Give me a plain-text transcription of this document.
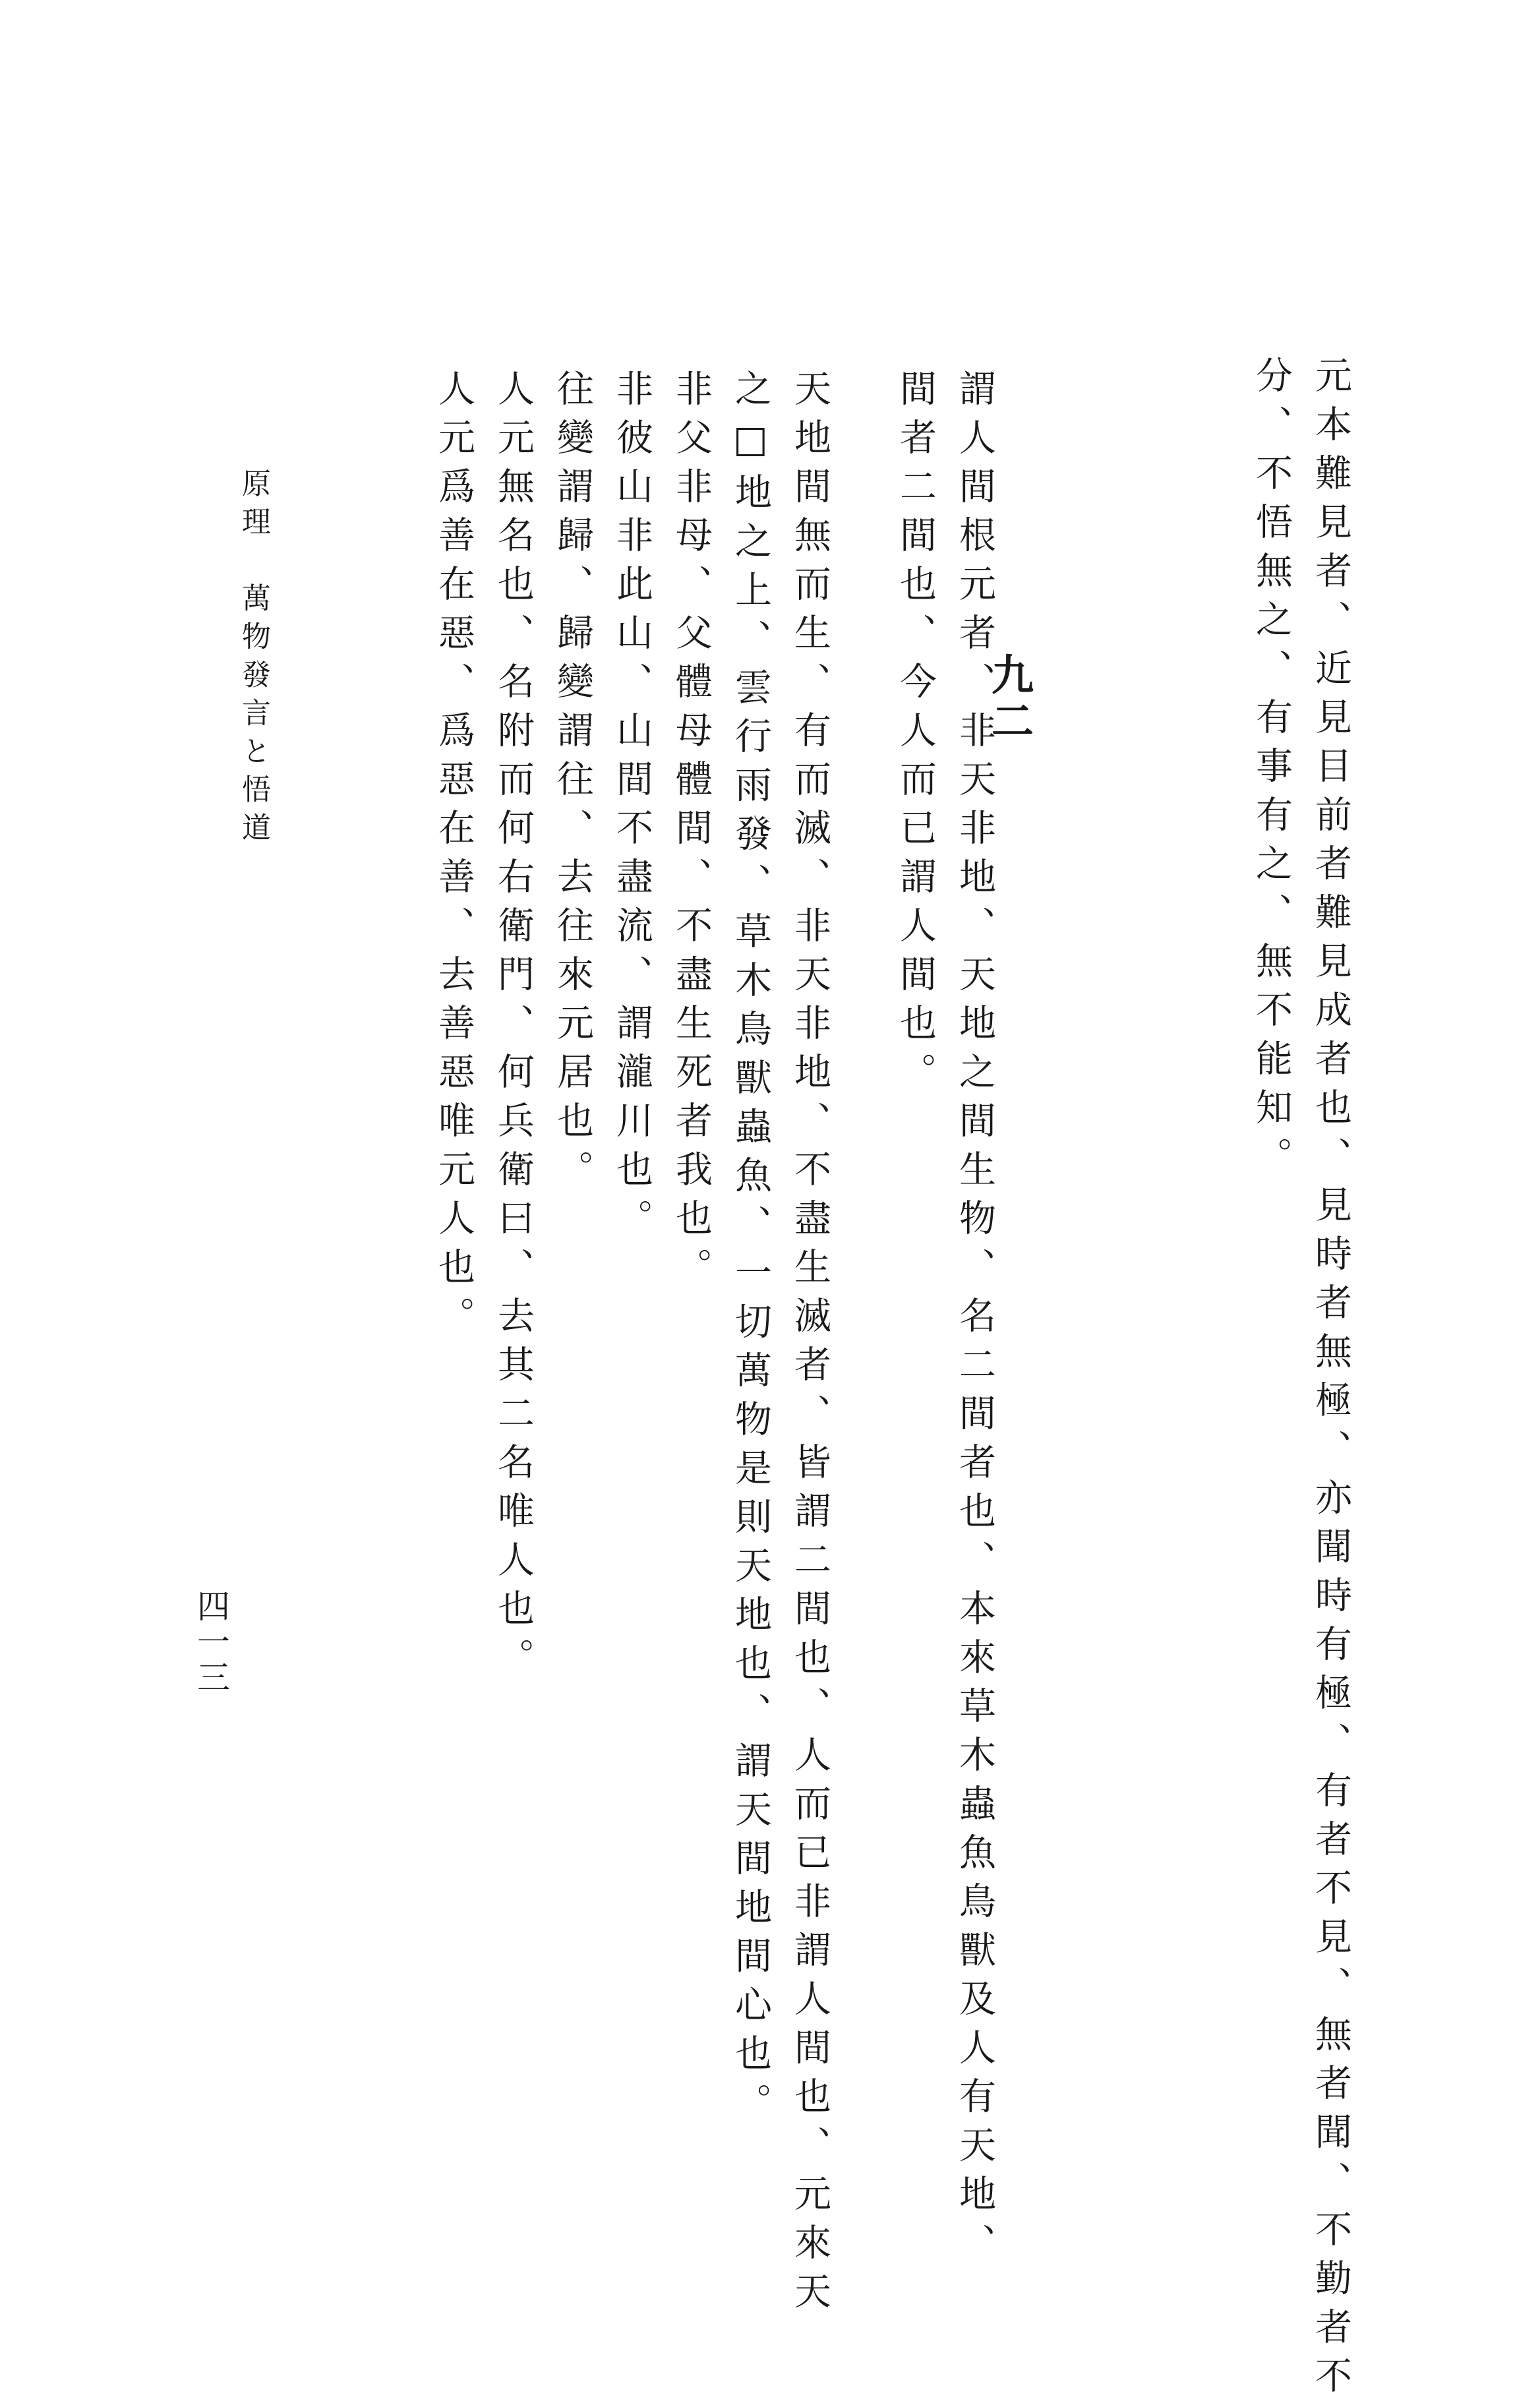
元本難見者、近見目前者難見成者也、見時者無極、亦聞時有極、有者不見、無者聞、不勤者不
分、不悟無之、有事有之、無不能知。
九二
謂人間根元者、非天非地、天地之間生物、名二間者也、本來草木蟲魚鳥獸及人有天地、
間者二間也、今人而已謂人間也。
天地間無而生、有而滅、非天非地、不盡生滅者、皆謂二間也、人而已非謂人間也、元來天
之□地之上、雲行雨發、草木鳥獸蟲魚、一切萬物是則天地也、謂天間地間心也。
非父非母、父體母體間、不盡生死者我也。
非彼山非此山、山間不盡流、謂瀧川也。
往變謂歸、歸變謂往、去往來元居也。
人元無名也、名附而何右衛門、何兵衛曰、去其二名唯人也。
人元爲善在惡、爲惡在善、去善惡唯元人也。
原理　萬物發言と悟道
四一三
